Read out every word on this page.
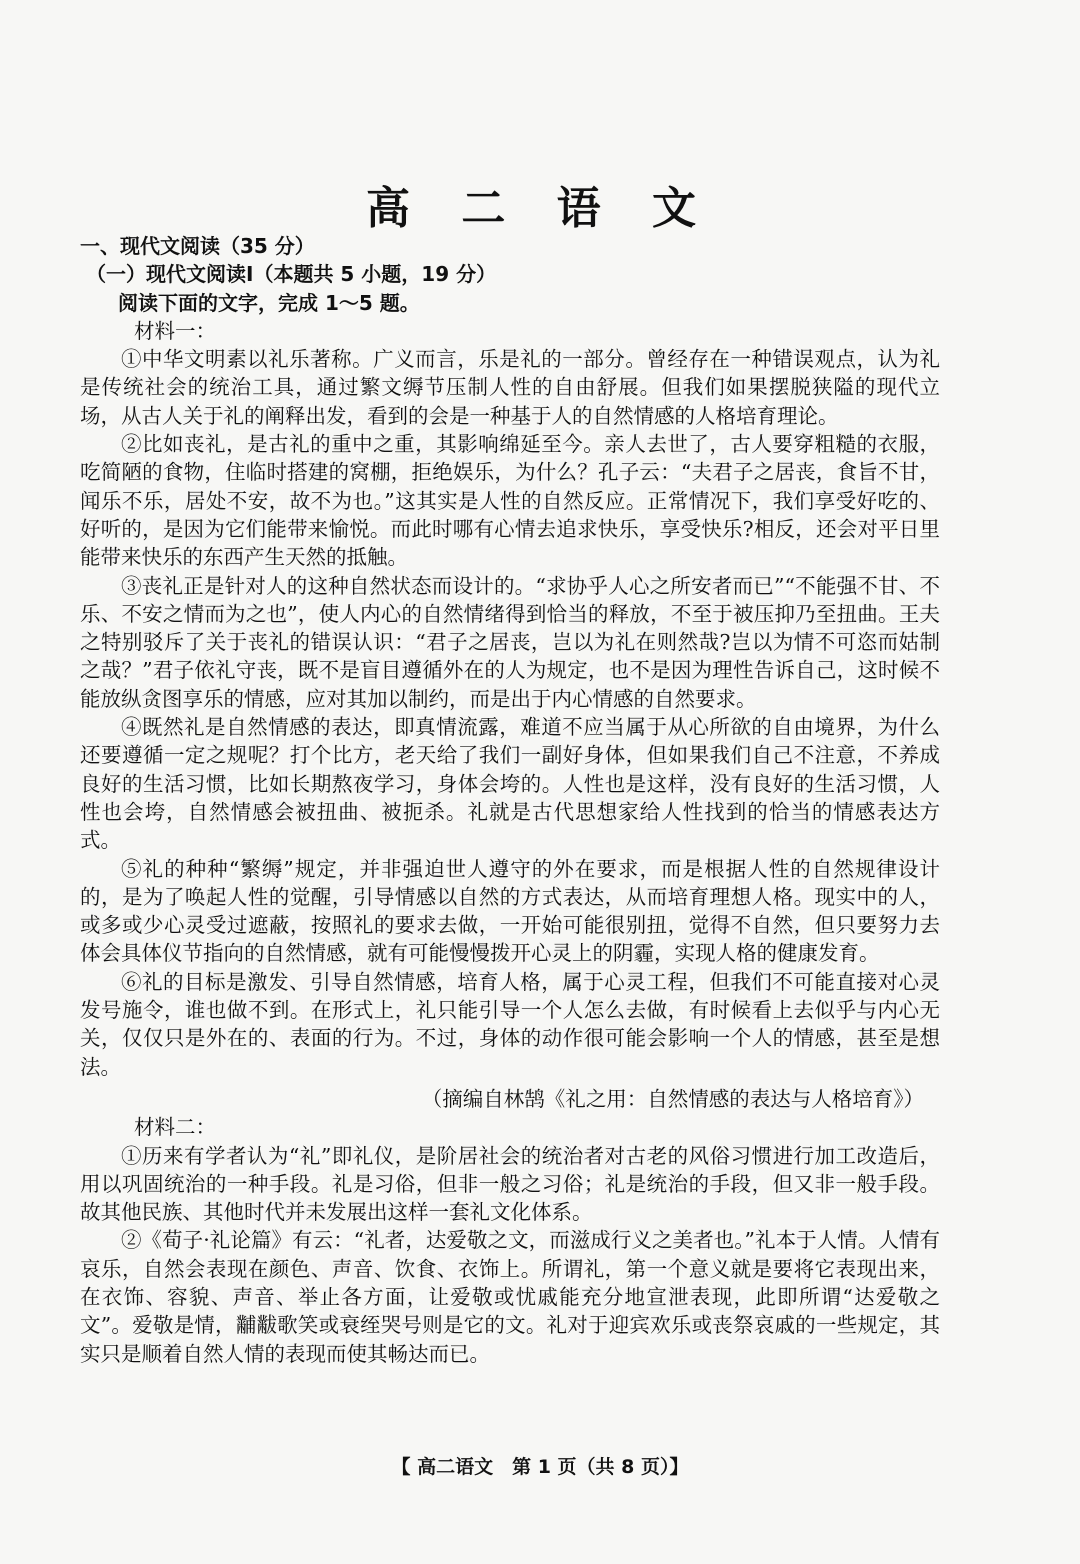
高 二 语 文

一、现代文阅读（35 分）

（一）现代文阅读Ⅰ（本题共 5 小题，19 分）

阅读下面的文字，完成 1～5 题。

材料一：

①中华文明素以礼乐著称。广义而言，乐是礼的一部分。曾经存在一种错误观点，认为礼是传统社会的统治工具，通过繁文缛节压制人性的自由舒展。但我们如果摆脱狭隘的现代立场，从古人关于礼的阐释出发，看到的会是一种基于人的自然情感的人格培育理论。

②比如丧礼，是古礼的重中之重，其影响绵延至今。亲人去世了，古人要穿粗糙的衣服，吃简陋的食物，住临时搭建的窝棚，拒绝娱乐，为什么？孔子云：“夫君子之居丧，食旨不甘，闻乐不乐，居处不安，故不为也。”这其实是人性的自然反应。正常情况下，我们享受好吃的、好听的，是因为它们能带来愉悦。而此时哪有心情去追求快乐，享受快乐?相反，还会对平日里能带来快乐的东西产生天然的抵触。

③丧礼正是针对人的这种自然状态而设计的。“求协乎人心之所安者而已”“不能强不甘、不乐、不安之情而为之也”，使人内心的自然情绪得到恰当的释放，不至于被压抑乃至扭曲。王夫之特别驳斥了关于丧礼的错误认识：“君子之居丧，岂以为礼在则然哉?岂以为情不可恣而姑制之哉？”君子依礼守丧，既不是盲目遵循外在的人为规定，也不是因为理性告诉自己，这时候不能放纵贪图享乐的情感，应对其加以制约，而是出于内心情感的自然要求。

④既然礼是自然情感的表达，即真情流露，难道不应当属于从心所欲的自由境界，为什么还要遵循一定之规呢？打个比方，老天给了我们一副好身体，但如果我们自己不注意，不养成良好的生活习惯，比如长期熬夜学习，身体会垮的。人性也是这样，没有良好的生活习惯，人性也会垮，自然情感会被扭曲、被扼杀。礼就是古代思想家给人性找到的恰当的情感表达方式。

⑤礼的种种“繁缛”规定，并非强迫世人遵守的外在要求，而是根据人性的自然规律设计的，是为了唤起人性的觉醒，引导情感以自然的方式表达，从而培育理想人格。现实中的人，或多或少心灵受过遮蔽，按照礼的要求去做，一开始可能很别扭，觉得不自然，但只要努力去体会具体仪节指向的自然情感，就有可能慢慢拨开心灵上的阴霾，实现人格的健康发育。

⑥礼的目标是激发、引导自然情感，培育人格，属于心灵工程，但我们不可能直接对心灵发号施令，谁也做不到。在形式上，礼只能引导一个人怎么去做，有时候看上去似乎与内心无关，仅仅只是外在的、表面的行为。不过，身体的动作很可能会影响一个人的情感，甚至是想法。

（摘编自林鹄《礼之用：自然情感的表达与人格培育》）

材料二：

①历来有学者认为“礼”即礼仪，是阶居社会的统治者对古老的风俗习惯进行加工改造后，用以巩固统治的一种手段。礼是习俗，但非一般之习俗；礼是统治的手段，但又非一般手段。故其他民族、其他时代并未发展出这样一套礼文化体系。

②《荀子·礼论篇》有云：“礼者，达爱敬之文，而滋成行义之美者也。”礼本于人情。人情有哀乐，自然会表现在颜色、声音、饮食、衣饰上。所谓礼，第一个意义就是要将它表现出来，在衣饰、容貌、声音、举止各方面，让爱敬或忧戚能充分地宣泄表现，此即所谓“达爱敬之文”。爱敬是情，黼黻歌笑或衰绖哭号则是它的文。礼对于迎宾欢乐或丧祭哀戚的一些规定，其实只是顺着自然人情的表现而使其畅达而已。

【 高二语文　第 1 页（共 8 页）】
